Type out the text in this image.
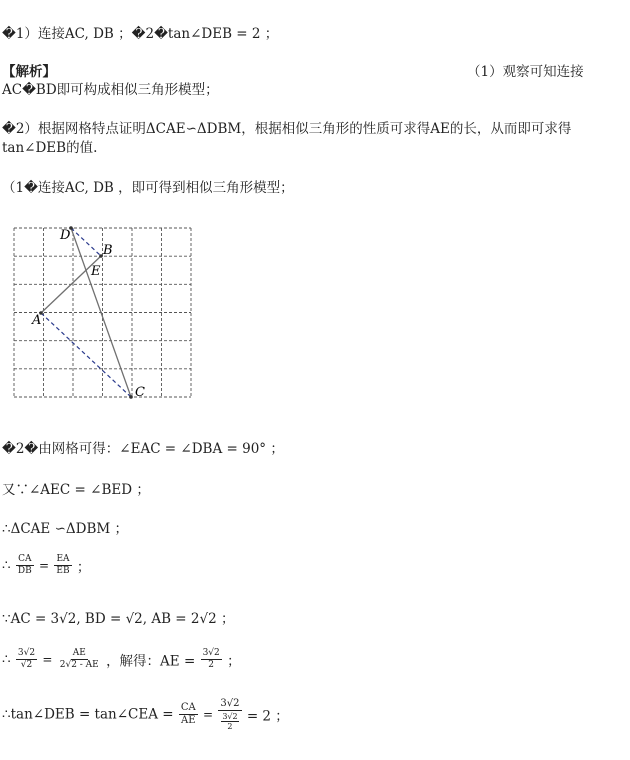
�1）连接AC, DB ；�2�tan∠DEB = 2 ；
【解析】	（1）观察可知连接
AC�BD即可构成相似三角形模型；
�2）根据网格特点证明ΔCAE∽ΔDBM，根据相似三角形的性质可求得AE的长，从而即可求得
tan∠DEB的值.
（1�连接AC, DB ，即可得到相似三角形模型；
D
B
E
A
C
�2�由网格可得：∠EAC = ∠DBA = 90° ；
又∵∠AEC = ∠BED ；
∴ΔCAE ∽ΔDBM ；
∴ $\frac{CA}{DB} = \frac{EA}{EB}$ ；
∵AC = 3√2, BD = √2, AB = 2√2 ；
∴ $\frac{3√2}{√2} = \frac{AE}{2√2 - AE}$ ，解得：AE = $\frac{3√2}{2}$ ；
∴tan∠DEB = tan∠CEA = $\frac{CA}{AE} = \frac{3√2}{\frac{3√2}{2}} = 2$ ；
